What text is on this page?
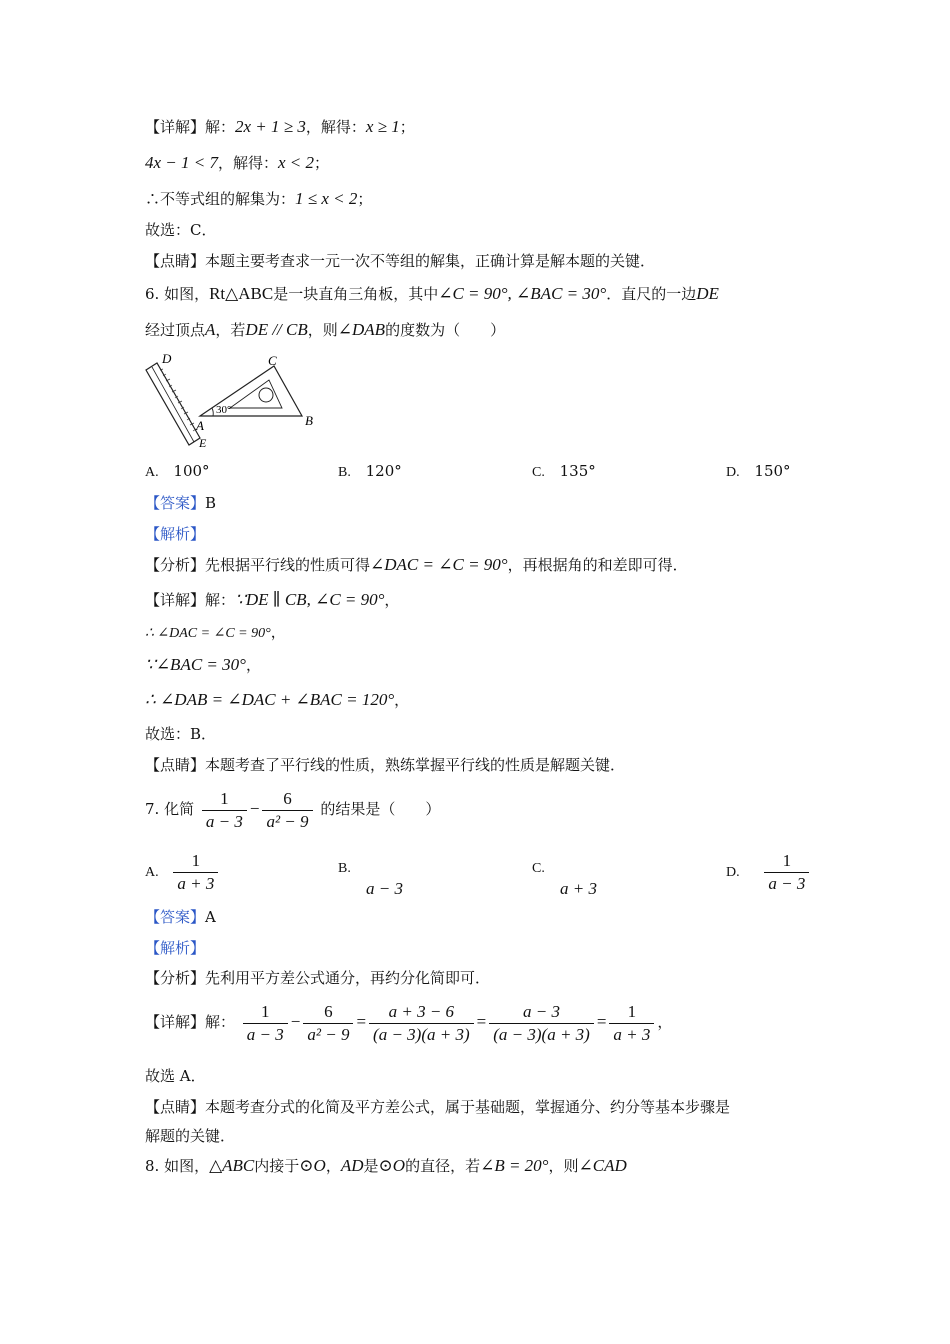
【详解】解：2x + 1 ≥ 3，解得：x ≥ 1；
4x − 1 < 7，解得：x < 2；
∴不等式组的解集为：1 ≤ x < 2；
故选：C．
【点睛】本题主要考查求一元一次不等组的解集，正确计算是解本题的关键．
6. 如图，Rt△ABC是一块直角三角板，其中∠C = 90°, ∠BAC = 30°．直尺的一边DE
经过顶点A，若DE // CB，则∠DAB的度数为（　　）
D	C
A	B
E
30°
A. 100°	B. 120°	C. 135°	D. 150°
【答案】B
【解析】
【分析】先根据平行线的性质可得∠DAC = ∠C = 90°，再根据角的和差即可得．
【详解】解：∵DE ∥ CB, ∠C = 90°，
∴ ∠DAC = ∠C = 90°，
∵∠BAC = 30°，
∴ ∠DAB = ∠DAC + ∠BAC = 120°，
故选：B．
【点睛】本题考查了平行线的性质，熟练掌握平行线的性质是解题关键．
7. 化简 $\frac{1}{a - 3} - \frac{6}{\text{a² − 9}}$ 的结果是（　　）
A. $\frac{1}{a + 3}$	B.
a − 3
C.
a + 3
D. $\frac{1}{a - 3}$
【答案】A
【解析】
【分析】先利用平方差公式通分，再约分化简即可．
【详解】解： $\frac{1}{a - 3} - \frac{6}{\text{a² − 9}} = \frac{a + 3 - 6}{(a - 3)(a + 3)} = \frac{a - 3}{(a - 3)(a + 3)} = \frac{1}{a + 3}$ ，
故选 A．
【点睛】本题考查分式的化简及平方差公式，属于基础题，掌握通分、约分等基本步骤是
解题的关键．
8. 如图，△ABC内接于⊙O，AD是⊙O的直径，若∠B = 20°，则∠CAD
